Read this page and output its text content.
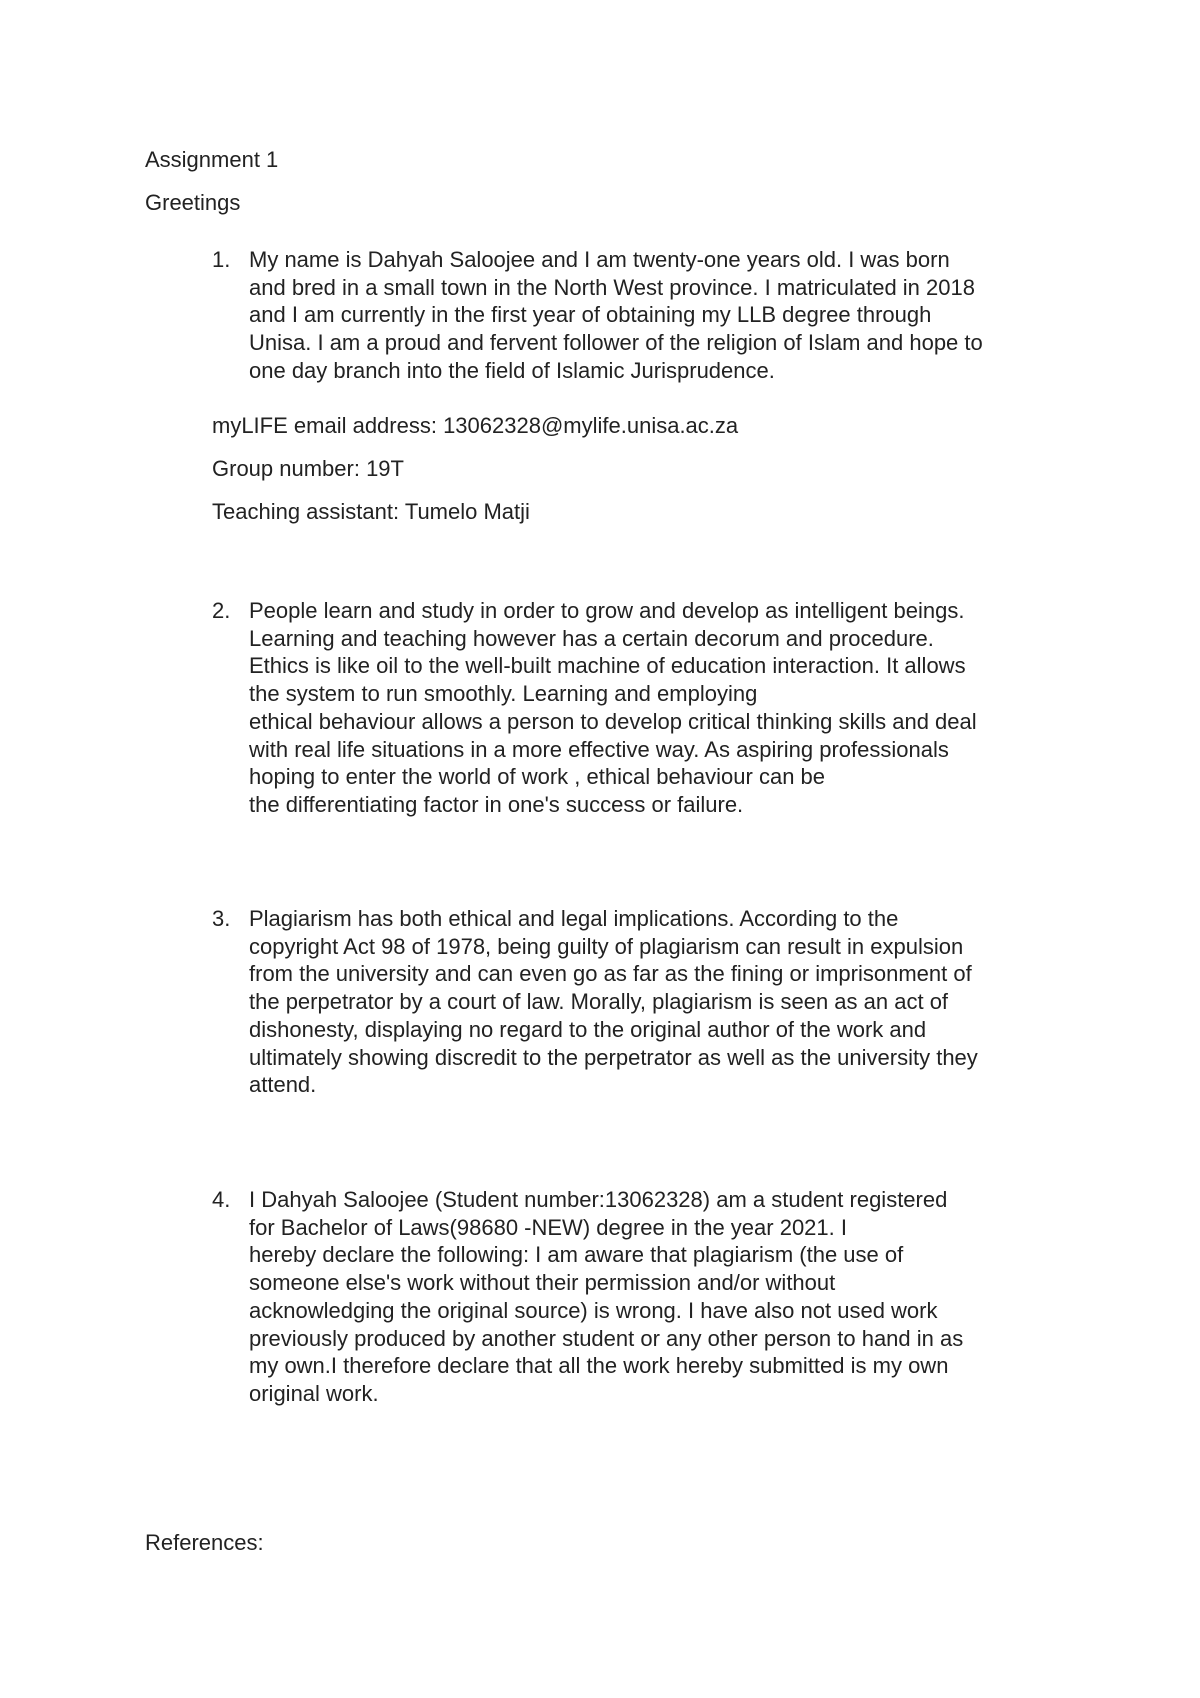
Assignment 1
Greetings
1. My name is Dahyah Saloojee and I am twenty-one years old. I was born
and bred in a small town in the North West province. I matriculated in 2018
and I am currently in the first year of obtaining my LLB degree through
Unisa. I am a proud and fervent follower of the religion of Islam and hope to
one day branch into the field of Islamic Jurisprudence.
myLIFE email address: 13062328@mylife.unisa.ac.za
Group number: 19T
Teaching assistant: Tumelo Matji
2. People learn and study in order to grow and develop as intelligent beings.
Learning and teaching however has a certain decorum and procedure.
Ethics is like oil to the well-built machine of education interaction. It allows
the system to run smoothly. Learning and employing
ethical behaviour allows a person to develop critical thinking skills and deal
with real life situations in a more effective way. As aspiring professionals
hoping to enter the world of work , ethical behaviour can be
the differentiating factor in one's success or failure.
3. Plagiarism has both ethical and legal implications. According to the
copyright Act 98 of 1978, being guilty of plagiarism can result in expulsion
from the university and can even go as far as the fining or imprisonment of
the perpetrator by a court of law. Morally, plagiarism is seen as an act of
dishonesty, displaying no regard to the original author of the work and
ultimately showing discredit to the perpetrator as well as the university they
attend.
4. I Dahyah Saloojee (Student number:13062328) am a student registered
for Bachelor of Laws(98680 -NEW) degree in the year 2021. I
hereby declare the following: I am aware that plagiarism (the use of
someone else's work without their permission and/or without
acknowledging the original source) is wrong. I have also not used work
previously produced by another student or any other person to hand in as
my own.I therefore declare that all the work hereby submitted is my own
original work.
References:
